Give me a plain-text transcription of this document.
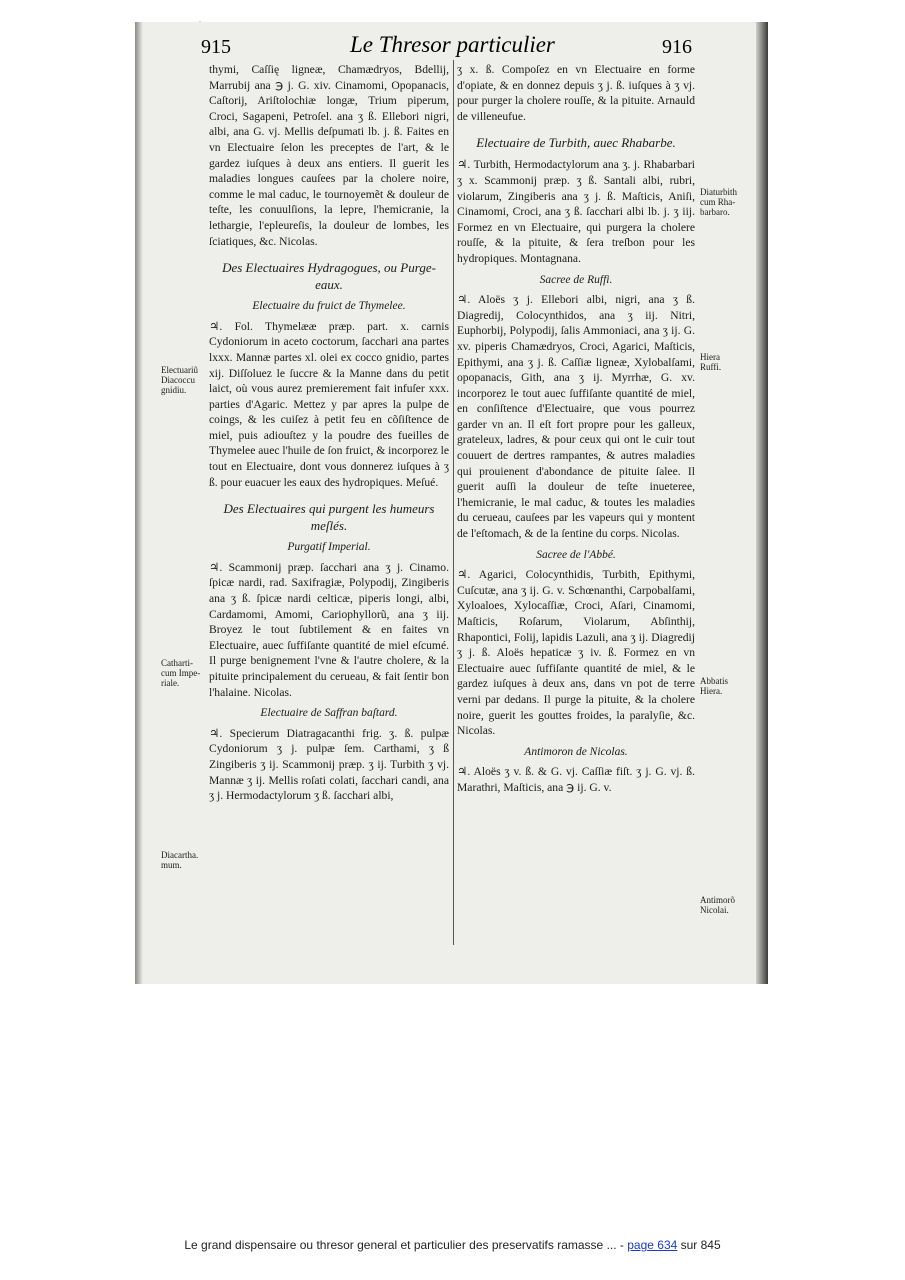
915	Le Thresor particulier	916

thymi, Caſſię ligneæ, Chamædryos, Bdellij, Marrubij ana ℈ j. G. xiv. Cinamomi, Opopanacis, Caſtorij, Ariſtolochiæ longæ, Trium piperum, Croci, Sagapeni, Petroſel. ana ʒ ß. Ellebori nigri, albi, ana G. vj. Mellis deſpumati lb. j. ß. Faites en vn Electuaire ſelon les preceptes de l'art, & le gardez iuſques à deux ans entiers. Il guerit les maladies longues cauſees par la cholere noire, comme le mal caduc, le tournoyemẽt & douleur de teſte, les conuulſions, la lepre, l'hemicranie, la lethargie, l'epleureſis, la douleur de lombes, les ſciatiques, &c. Nicolas.

Des Electuaires Hydragogues, ou Purge-eaux.
Electuaire du fruict de Thymelee.

♃. Fol. Thymelææ præp. part. x. carnis Cydoniorum in aceto coctorum, ſacchari ana partes lxxx. Mannæ partes xl. olei ex cocco gnidio, partes xij. Diſſoluez le ſuccre & la Manne dans du petit laict, où vous aurez premierement fait infuſer xxx. parties d'Agaric. Mettez y par apres la pulpe de coings, & les cuiſez à petit feu en cõſiſtence de miel, puis adiouſtez y la poudre des fueilles de Thymelee auec l'huile de ſon fruict, & incorporez le tout en Electuaire, dont vous donnerez iuſques à ʒ ß. pour euacuer les eaux des hydropiques. Meſué.

Des Electuaires qui purgent les humeurs meſlés.
Purgatif Imperial.

♃. Scammonij præp. ſacchari ana ʒ j. Cinamo. ſpicæ nardi, rad. Saxifragiæ, Polypodij, Zingiberis ana ʒ ß. ſpicæ nardi celticæ, piperis longi, albi, Cardamomi, Amomi, Cariophyllorũ, ana ʒ iij. Broyez le tout ſubtilement & en faites vn Electuaire, auec ſuffiſante quantité de miel eſcumé. Il purge benignement l'vne & l'autre cholere, & la pituite principalement du cerueau, & fait ſentir bon l'halaine. Nicolas.

Electuaire de Saffran baſtard.

♃. Specierum Diatragacanthi frig. ʒ. ß. pulpæ Cydoniorum ʒ j. pulpæ ſem. Carthami, ʒ ß Zingiberis ʒ ij. Scammonij præp. ʒ ij. Turbith ʒ vj. Mannæ ʒ ij. Mellis roſati colati, ſacchari candi, ana ʒ j. Hermodactylorum ʒ ß. ſacchari albi,

ʒ x. ß. Compoſez en vn Electuaire en forme d'opiate, & en donnez depuis ʒ j. ß. iuſques à ʒ vj. pour purger la cholere rouſſe, & la pituite. Arnauld de villeneufue.

Electuaire de Turbith, auec Rhabarbe.

♃. Turbith, Hermodactylorum ana ʒ. j. Rhabarbari ʒ x. Scammonij præp. ʒ ß. Santali albi, rubri, violarum, Zingiberis ana ʒ j. ß. Maſticis, Aniſi, Cinamomi, Croci, ana ʒ ß. ſacchari albi lb. j. ʒ iij. Formez en vn Electuaire, qui purgera la cholere rouſſe, & la pituite, & ſera treſbon pour les hydropiques. Montagnana.

Sacree de Ruffi.

♃. Aloës ʒ j. Ellebori albi, nigri, ana ʒ ß. Diagredij, Colocynthidos, ana ʒ iij. Nitri, Euphorbij, Polypodij, ſalis Ammoniaci, ana ʒ ij. G. xv. piperis Chamædryos, Croci, Agarici, Maſticis, Epithymi, ana ʒ j. ß. Caſſiæ ligneæ, Xylobalſami, opopanacis, Gith, ana ʒ ij. Myrrhæ, G. xv. incorporez le tout auec ſuffiſante quantité de miel, en conſiſtence d'Electuaire, que vous pourrez garder vn an. Il eſt fort propre pour les galleux, grateleux, ladres, & pour ceux qui ont le cuir tout couuert de dertres rampantes, & autres maladies qui prouienent d'abondance de pituite ſalee. Il guerit auſſi la douleur de teſte inueteree, l'hemicranie, le mal caduc, & toutes les maladies du cerueau, cauſees par les vapeurs qui y montent de l'eſtomach, & de la ſentine du corps. Nicolas.

Sacree de l'Abbé.

♃. Agarici, Colocynthidis, Turbith, Epithymi, Cuſcutæ, ana ʒ ij. G. v. Schœnanthi, Carpobalſami, Xyloaloes, Xylocaſſiæ, Croci, Aſari, Cinamomi, Maſticis, Roſarum, Violarum, Abſinthij, Rhapontici, Folij, lapidis Lazuli, ana ʒ ij. Diagredij ʒ j. ß. Aloës hepaticæ ʒ iv. ß. Formez en vn Electuaire auec ſuffiſante quantité de miel, & le gardez iuſques à deux ans, dans vn pot de terre verni par dedans. Il purge la pituite, & la cholere noire, guerit les gouttes froides, la paralyſie, &c. Nicolas.

Antimoron de Nicolas.

♃. Aloës ʒ v. ß. & G. vj. Caſſiæ fiſt. ʒ j. G. vj. ß. Marathri, Maſticis, ana ℈ ij. G. v.

Electuariũ
Diacoccu
gnidiu.
Catharti-
cum Impe-
riale.
Diacartha.
mum.
Diaturbith
cum Rha-
barbaro.
Hiera
Ruffi.
Abbatis
Hiera.
Antimorõ
Nicolai.
Le grand dispensaire ou thresor general et particulier des preservatifs ramasse ... - page 634 sur 845
